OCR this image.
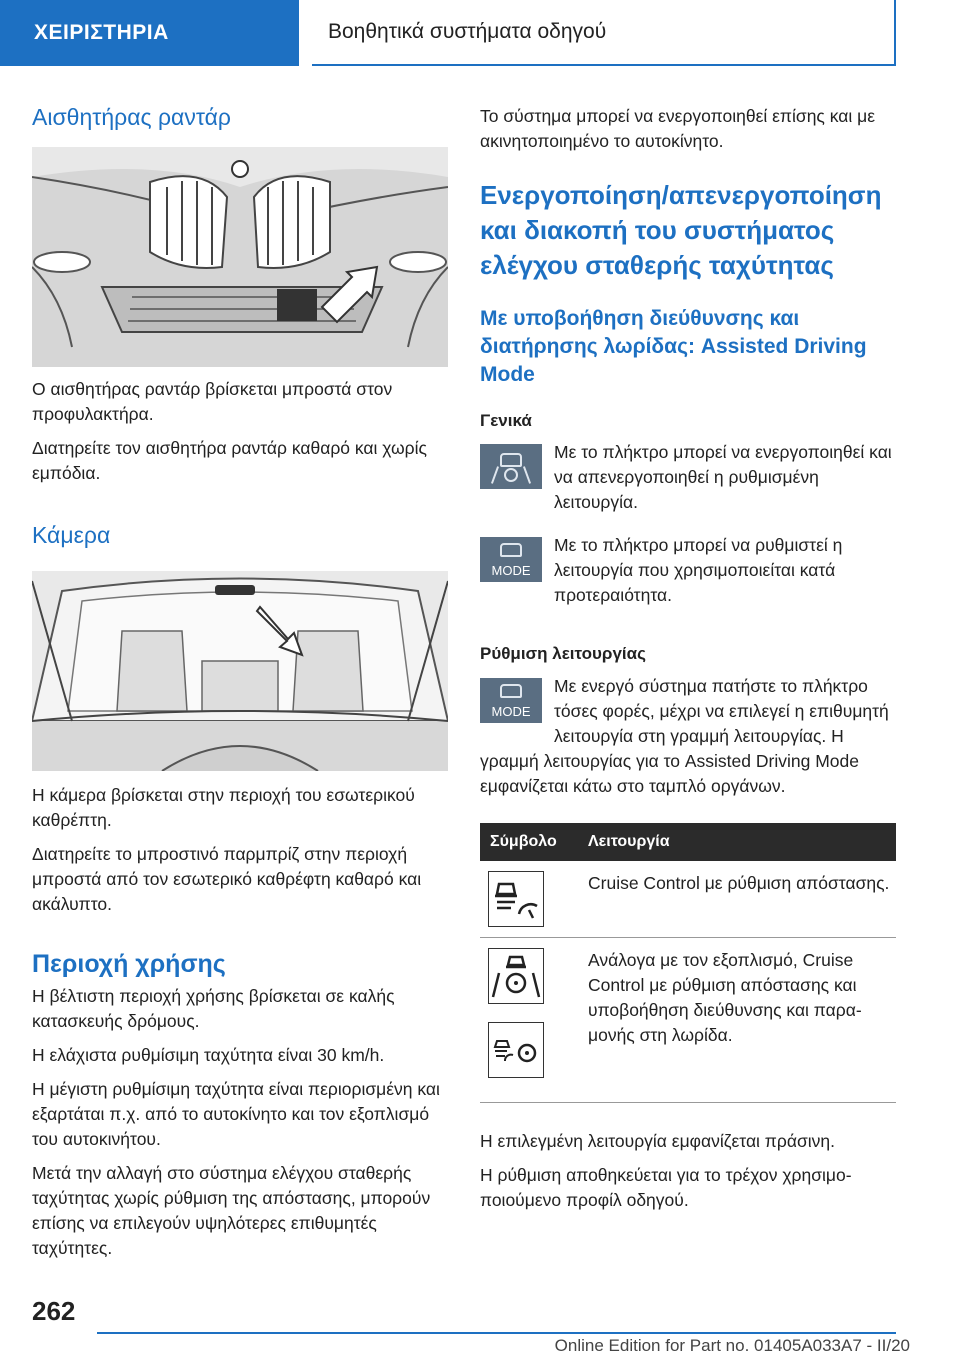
ΧΕΙΡΙΣΤΗΡΙΑ	Βοηθητικά συστήματα οδηγού
Αισθητήρας ραντάρ

Ο αισθητήρας ραντάρ βρίσκεται μπροστά στον προφυλακτήρα.

Διατηρείτε τον αισθητήρα ραντάρ καθαρό και χωρίς εμπόδια.

Κάμερα

Η κάμερα βρίσκεται στην περιοχή του εσωτερικού καθρέπτη.

Διατηρείτε το μπροστινό παρμπρίζ στην περιοχή μπροστά από τον εσωτερικό καθρέφτη καθαρό και ακάλυπτο.

Περιοχή χρήσης

Η βέλτιστη περιοχή χρήσης βρίσκεται σε καλής κατασκευής δρόμους.

Η ελάχιστα ρυθμίσιμη ταχύτητα είναι 30 km/h.

Η μέγιστη ρυθμίσιμη ταχύτητα είναι περιορισμένη και εξαρτάται π.χ. από το αυτοκίνητο και τον εξοπλισμό του αυτοκινήτου.

Μετά την αλλαγή στο σύστημα ελέγχου σταθερής ταχύτητας χωρίς ρύθμιση της απόστασης, μπορούν επίσης να επιλεγούν υψηλότερες επιθυμητές ταχύτητες.

Το σύστημα μπορεί να ενεργοποιηθεί επίσης και με ακινητοποιημένο το αυτοκίνητο.

Ενεργοποίηση/απενεργοποίηση και διακοπή του συστήματος ελέγχου σταθερής ταχύτητας
Με υποβοήθηση διεύθυνσης και διατήρησης λωρίδας: Assisted Driving Mode
Γενικά

Με το πλήκτρο μπορεί να ενεργοποιηθεί και να απενεργοποιηθεί η ρυθμισμένη λειτουργία.

MODE

Με το πλήκτρο μπορεί να ρυθμιστεί η λειτουργία που χρησιμοποιείται κατά προτεραιότητα.

Ρύθμιση λειτουργίας
MODE

Με ενεργό σύστημα πατήστε το πλήκτρο τόσες φορές, μέχρι να επιλεγεί η επιθυμητή λειτουργία στη γραμμή λειτουργίας. Η γραμμή λειτουργίας για το Assisted Driving Mode εμφανίζεται κάτω στο ταμπλό οργάνων.

Σύμβολο	Λειτουργία

	Cruise Control με ρύθμιση απόστασης.

	Ανάλογα με τον εξοπλισμό, Cruise Control με ρύθμιση απόστασης και υποβοήθηση διεύθυνσης και παραμονής στη λωρίδα.

Η επιλεγμένη λειτουργία εμφανίζεται πράσινη.

Η ρύθμιση αποθηκεύεται για το τρέχον χρησιμοποιούμενο προφίλ οδηγού.

262
Online Edition for Part no. 01405A033A7 - II/20
